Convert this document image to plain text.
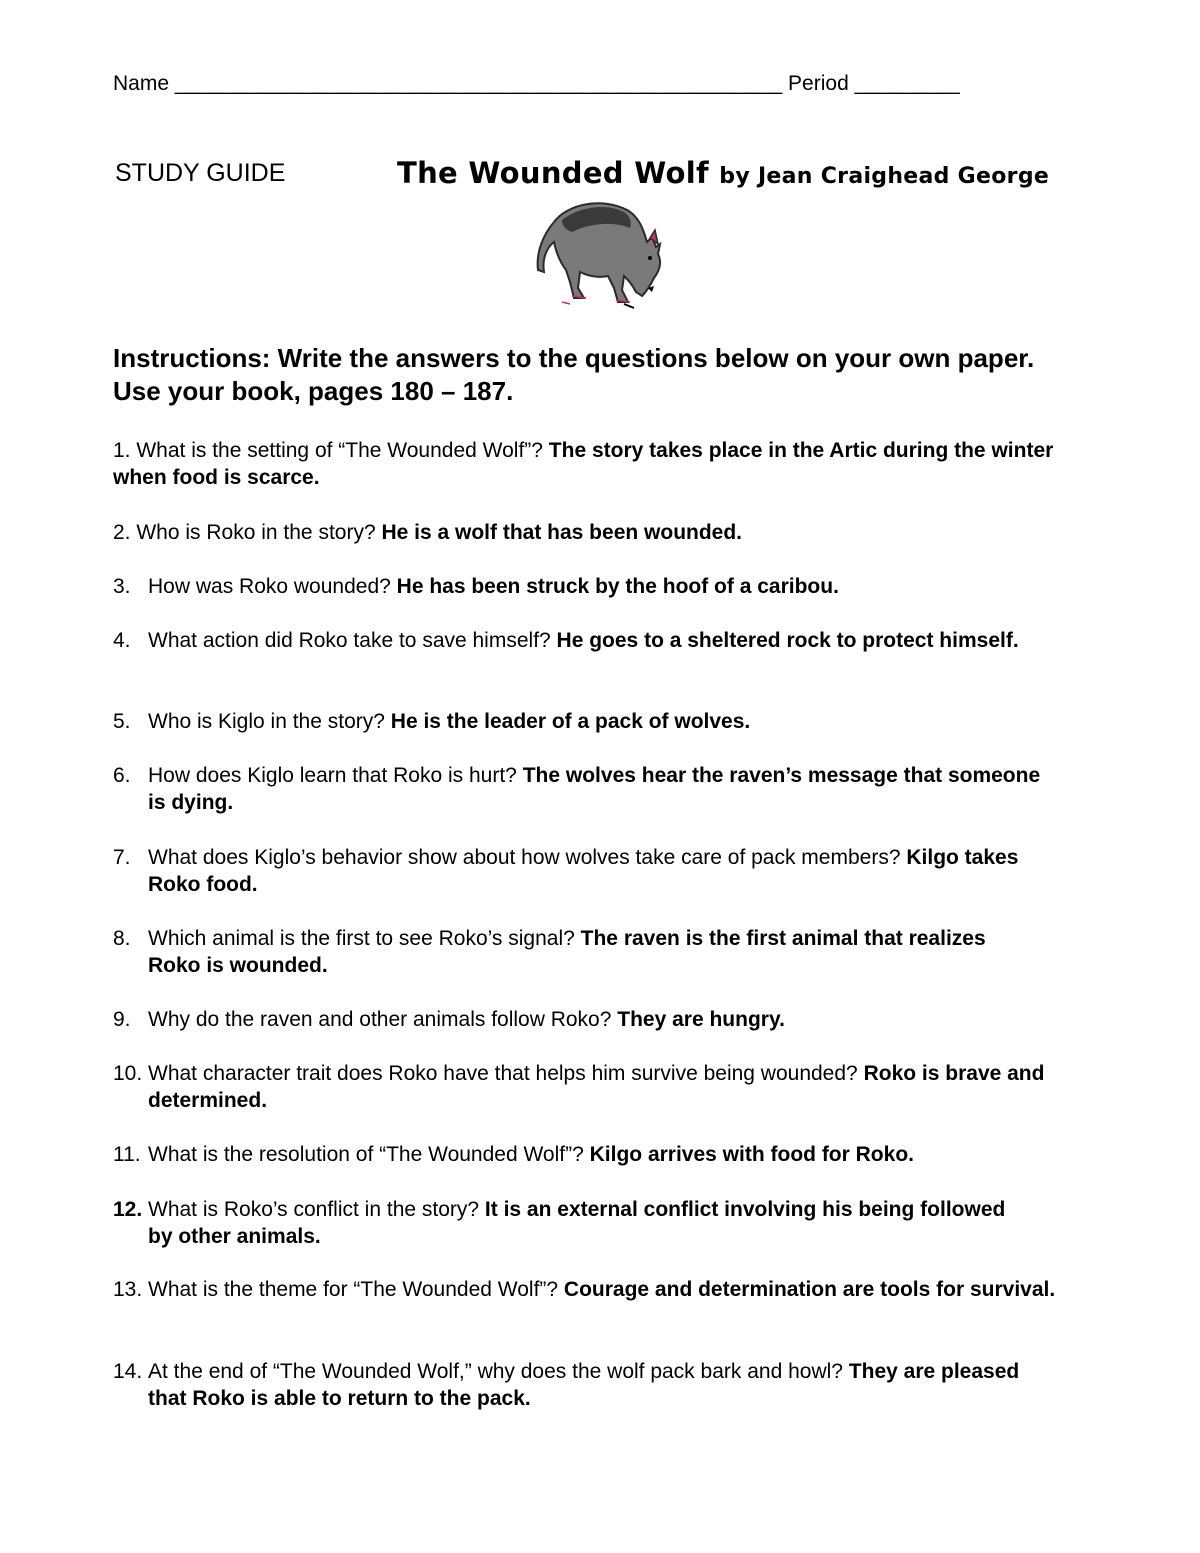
Name ____________________________________________________ Period _________
STUDY GUIDE	The Wounded Wolf by Jean Craighead George
Instructions: Write the answers to the questions below on your own paper. Use your book, pages 180 – 187.
1. What is the setting of “The Wounded Wolf”? The story takes place in the Artic during the winter when food is scarce.
2. Who is Roko in the story? He is a wolf that has been wounded.
3. How was Roko wounded? He has been struck by the hoof of a caribou.
4. What action did Roko take to save himself? He goes to a sheltered rock to protect himself.
5. Who is Kiglo in the story? He is the leader of a pack of wolves.
6. How does Kiglo learn that Roko is hurt? The wolves hear the raven’s message that someone is dying.
7. What does Kiglo’s behavior show about how wolves take care of pack members? Kilgo takes Roko food.
8. Which animal is the first to see Roko’s signal? The raven is the first animal that realizes Roko is wounded.
9. Why do the raven and other animals follow Roko? They are hungry.
10. What character trait does Roko have that helps him survive being wounded? Roko is brave and determined.
11. What is the resolution of “The Wounded Wolf”? Kilgo arrives with food for Roko.
12. What is Roko’s conflict in the story? It is an external conflict involving his being followed by other animals.
13. What is the theme for “The Wounded Wolf”? Courage and determination are tools for survival.
14. At the end of “The Wounded Wolf,” why does the wolf pack bark and howl? They are pleased that Roko is able to return to the pack.
